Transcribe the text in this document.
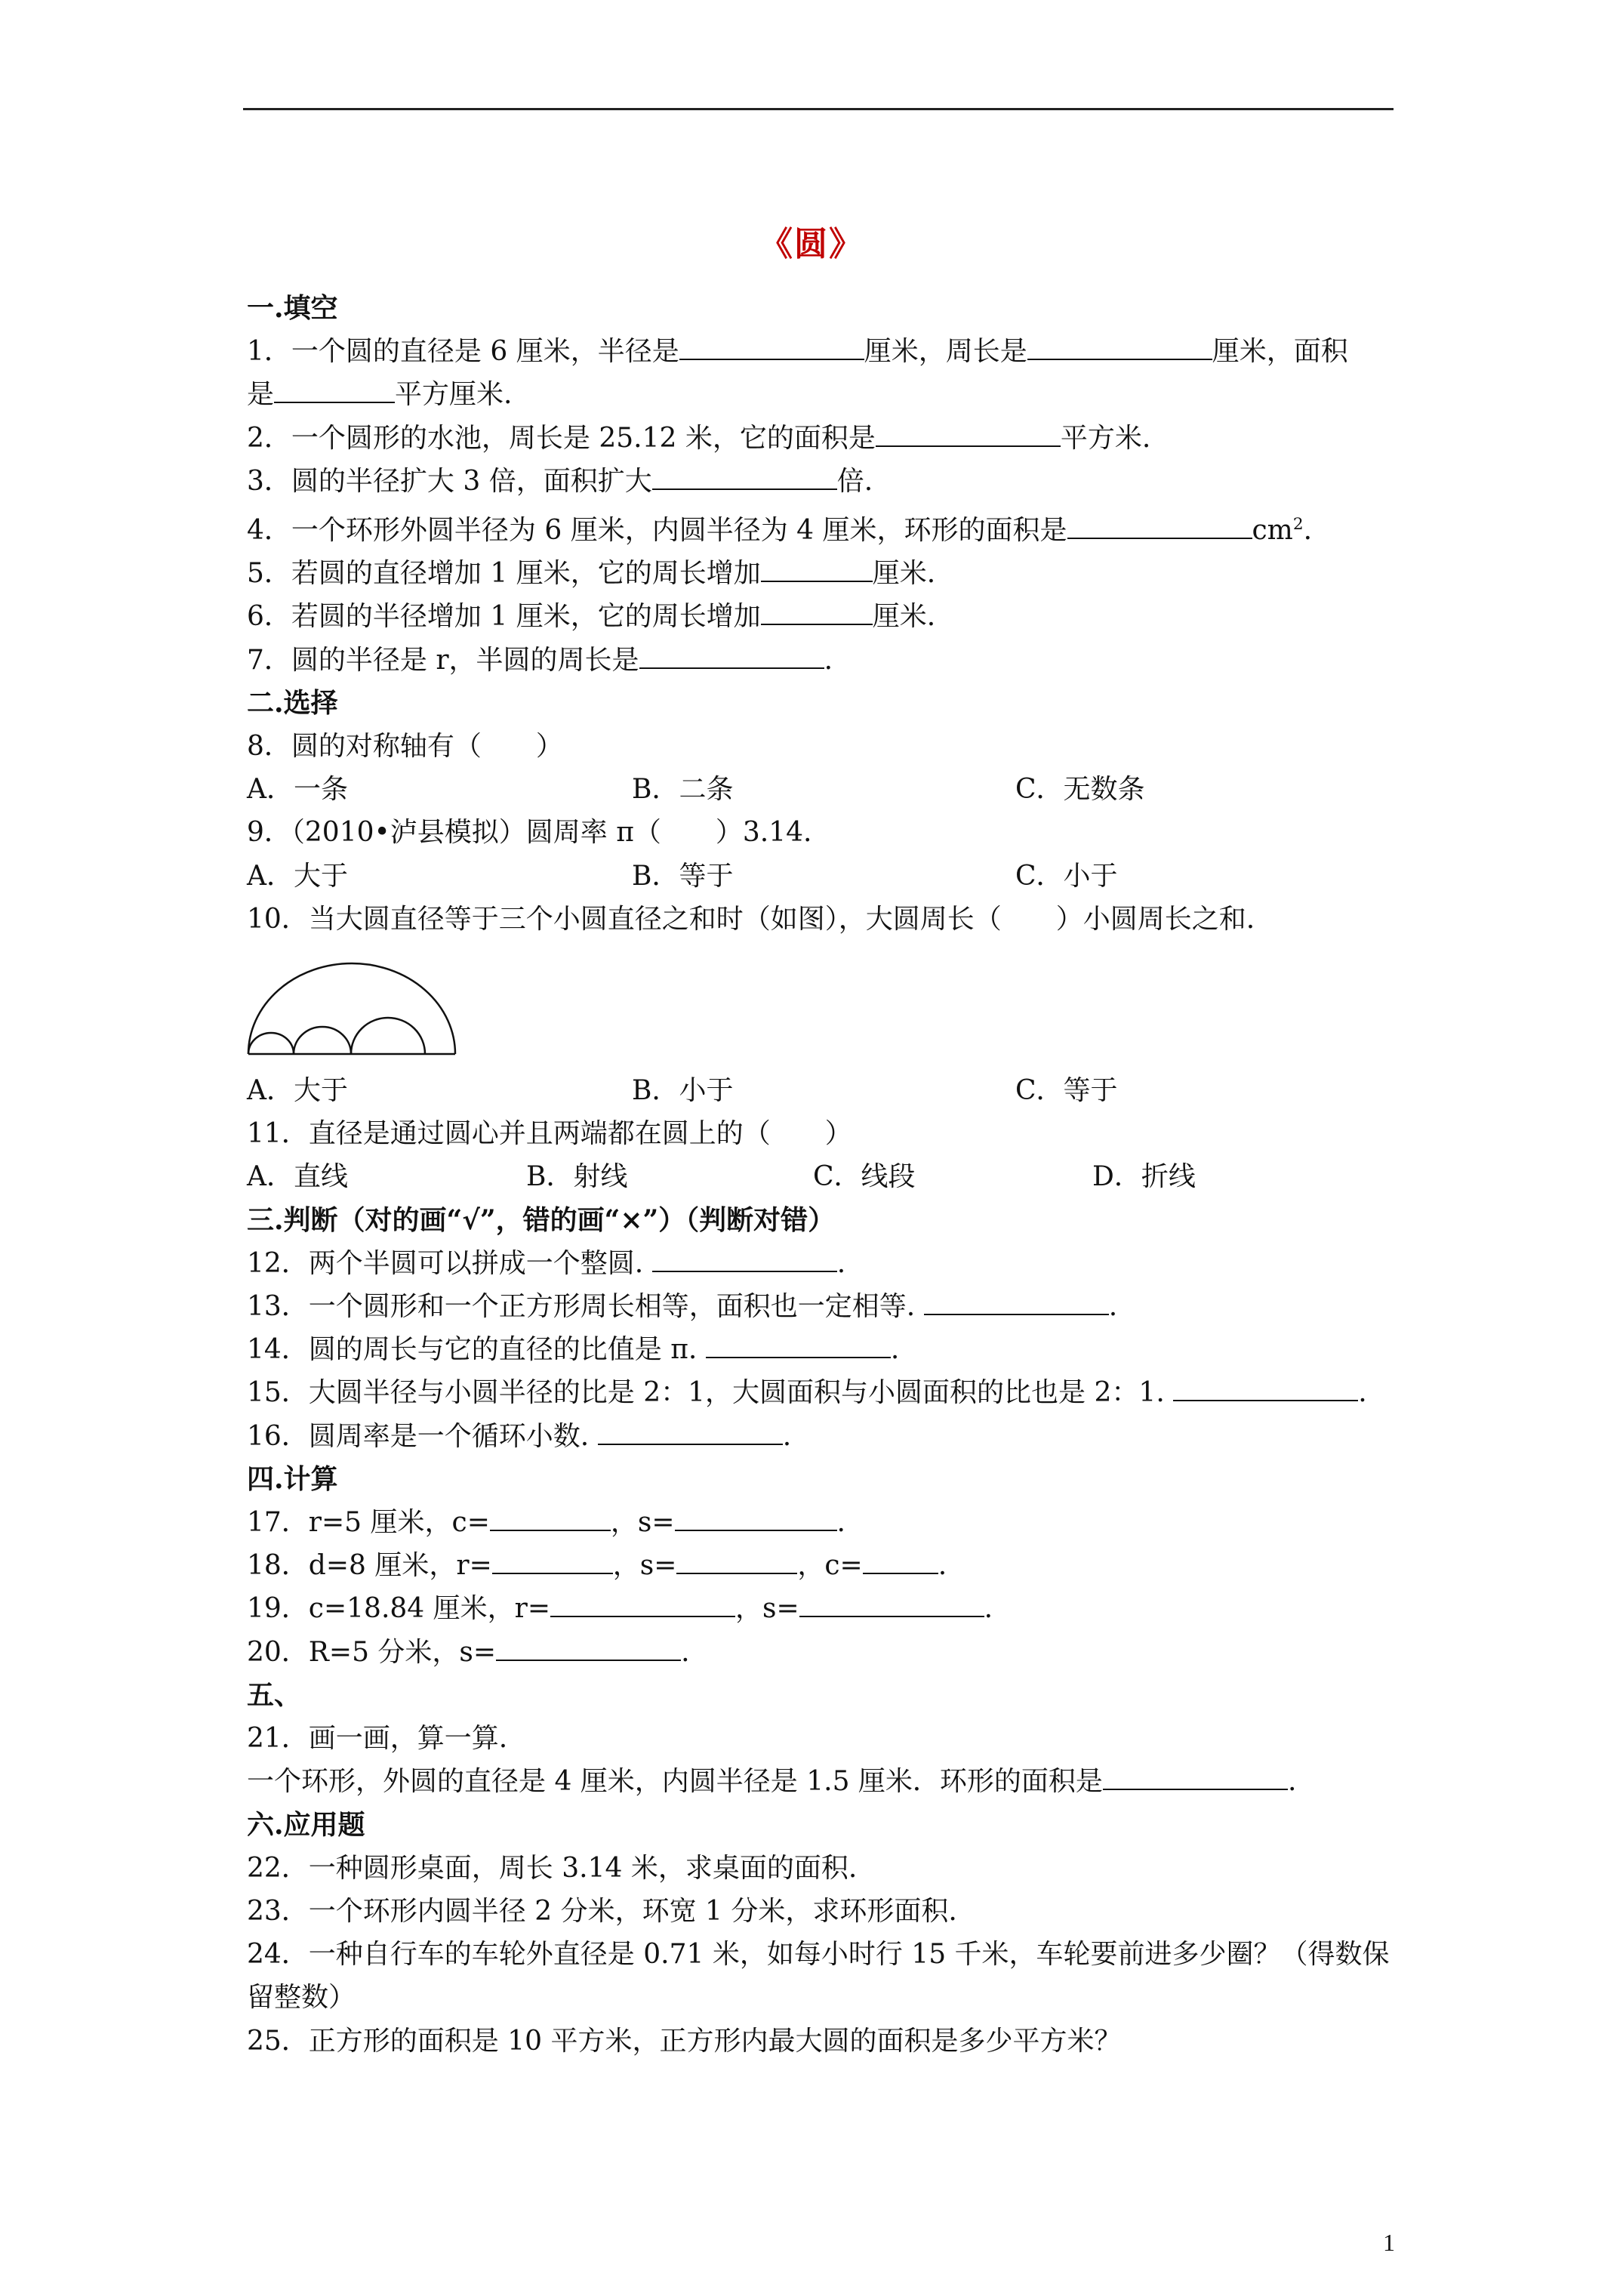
《圆》
一.填空
1．一个圆的直径是 6 厘米，半径是	厘米，周长是	厘米，面积
是	平方厘米.
2．一个圆形的水池，周长是 25.12 米，它的面积是	平方米.
3．圆的半径扩大 3 倍，面积扩大	倍.
4．一个环形外圆半径为 6 厘米，内圆半径为 4 厘米，环形的面积是	$cm^2$.
5．若圆的直径增加 1 厘米，它的周长增加	厘米.
6．若圆的半径增加 1 厘米，它的周长增加	厘米.
7．圆的半径是 r，半圆的周长是	.
二.选择
8．圆的对称轴有（　　）
A．一条	B．二条	C．无数条
9．（2010•泸县模拟）圆周率 π（　　）3.14.
A．大于	B．等于	C．小于
10．当大圆直径等于三个小圆直径之和时（如图），大圆周长（　　）小圆周长之和.
A．大于	B．小于	C．等于
11．直径是通过圆心并且两端都在圆上的（　　）
A．直线	B．射线	C．线段	D．折线
三.判断（对的画“√”，错的画“×”）（判断对错）
12．两个半圆可以拼成一个整圆.	.
13．一个圆形和一个正方形周长相等，面积也一定相等.	.
14．圆的周长与它的直径的比值是 π.	.
15．大圆半径与小圆半径的比是 2：1，大圆面积与小圆面积的比也是 2：1.	.
16．圆周率是一个循环小数.	.
四.计算
17．r=5 厘米，c=	，s=	.
18．d=8 厘米，r=	，s=	，c=	.
19．c=18.84 厘米，r=	，s=	.
20．R=5 分米，s=	.
五、
21．画一画，算一算.
一个环形，外圆的直径是 4 厘米，内圆半径是 1.5 厘米．环形的面积是	.
六.应用题
22．一种圆形桌面，周长 3.14 米，求桌面的面积.
23．一个环形内圆半径 2 分米，环宽 1 分米，求环形面积.
24．一种自行车的车轮外直径是 0.71 米，如每小时行 15 千米，车轮要前进多少圈？（得数保留整数）
25．正方形的面积是 10 平方米，正方形内最大圆的面积是多少平方米？
1
